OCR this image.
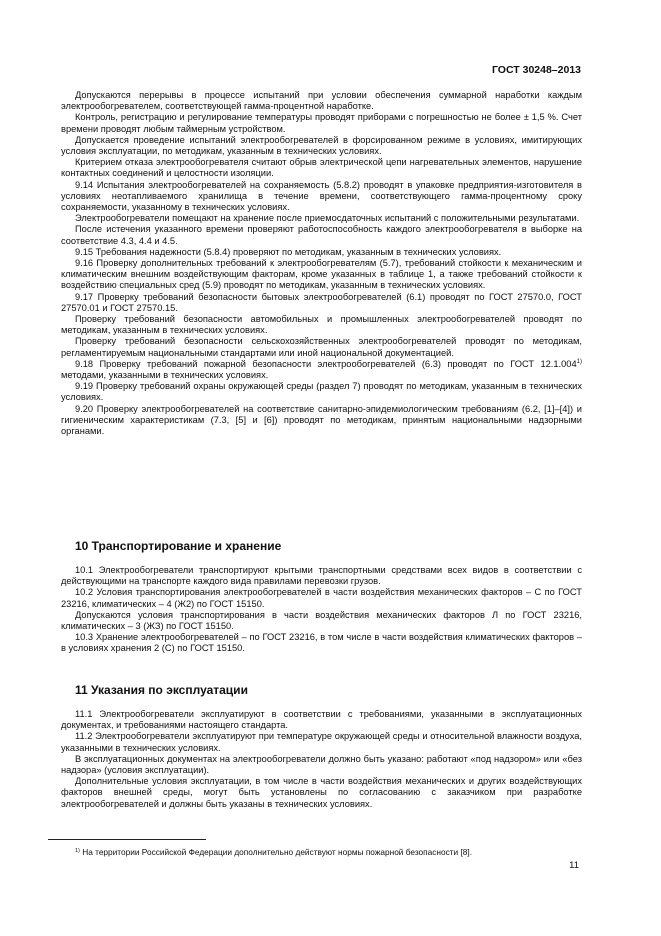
ГОСТ 30248–2013

Допускаются перерывы в процессе испытаний при условии обеспечения суммарной наработки каждым электрообогревателем, соответствующей гамма-процентной наработке.

Контроль, регистрацию и регулирование температуры проводят приборами с погрешностью не более ± 1,5 %. Счет времени проводят любым таймерным устройством.

Допускается проведение испытаний электрообогревателей в форсированном режиме в условиях, имитирующих условия эксплуатации, по методикам, указанным в технических условиях.

Критерием отказа электрообогревателя считают обрыв электрической цепи нагревательных элементов, нарушение контактных соединений и целостности изоляции.

9.14 Испытания электрообогревателей на сохраняемость (5.8.2) проводят в упаковке предприятия-изготовителя в условиях неотапливаемого хранилища в течение времени, соответствующего гамма-процентному сроку сохраняемости, указанному в технических условиях.

Электрообогреватели помещают на хранение после приемосдаточных испытаний с положительными результатами.

После истечения указанного времени проверяют работоспособность каждого электрообогревателя в выборке на соответствие 4.3, 4.4 и 4.5.

9.15 Требования надежности (5.8.4) проверяют по методикам, указанным в технических условиях.

9.16 Проверку дополнительных требований к электрообогревателям (5.7), требований стойкости к механическим и климатическим внешним воздействующим факторам, кроме указанных в таблице 1, а также требований стойкости к воздействию специальных сред (5.9) проводят по методикам, указанным в технических условиях.

9.17 Проверку требований безопасности бытовых электрообогревателей (6.1) проводят по ГОСТ 27570.0, ГОСТ 27570.01 и ГОСТ 27570.15.

Проверку требований безопасности автомобильных и промышленных электрообогревателей проводят по методикам, указанным в технических условиях.

Проверку требований безопасности сельскохозяйственных электрообогревателей проводят по методикам, регламентируемым национальными стандартами или иной национальной документацией.

9.18 Проверку требований пожарной безопасности электрообогревателей (6.3) проводят по ГОСТ 12.1.004$^{1)}$ методами, указанными в технических условиях.

9.19 Проверку требований охраны окружающей среды (раздел 7) проводят по методикам, указанным в технических условиях.

9.20 Проверку электрообогревателей на соответствие санитарно-эпидемиологическим требованиям (6.2, [1]–[4]) и гигиеническим характеристикам (7.3, [5] и [6]) проводят по методикам, принятым национальными надзорными органами.

10 Транспортирование и хранение

10.1 Электрообогреватели транспортируют крытыми транспортными средствами всех видов в соответствии с действующими на транспорте каждого вида правилами перевозки грузов.

10.2 Условия транспортирования электрообогревателей в части воздействия механических факторов – С по ГОСТ 23216, климатических – 4 (Ж2) по ГОСТ 15150.

Допускаются условия транспортирования в части воздействия механических факторов Л по ГОСТ 23216, климатических – 3 (ЖЗ) по ГОСТ 15150.

10.3 Хранение электрообогревателей – по ГОСТ 23216, в том числе в части воздействия климатических факторов – в условиях хранения 2 (С) по ГОСТ 15150.

11 Указания по эксплуатации

11.1 Электрообогреватели эксплуатируют в соответствии с требованиями, указанными в эксплуатационных документах, и требованиями настоящего стандарта.

11.2 Электрообогреватели эксплуатируют при температуре окружающей среды и относительной влажности воздуха, указанными в технических условиях.

В эксплуатационных документах на электрообогреватели должно быть указано: работают «под надзором» или «без надзора» (условия эксплуатации).

Дополнительные условия эксплуатации, в том числе в части воздействия механических и других воздействующих факторов внешней среды, могут быть установлены по согласованию с заказчиком при разработке электрообогревателей и должны быть указаны в технических условиях.

$^{1)}$ На территории Российской Федерации дополнительно действуют нормы пожарной безопасности [8].

11
